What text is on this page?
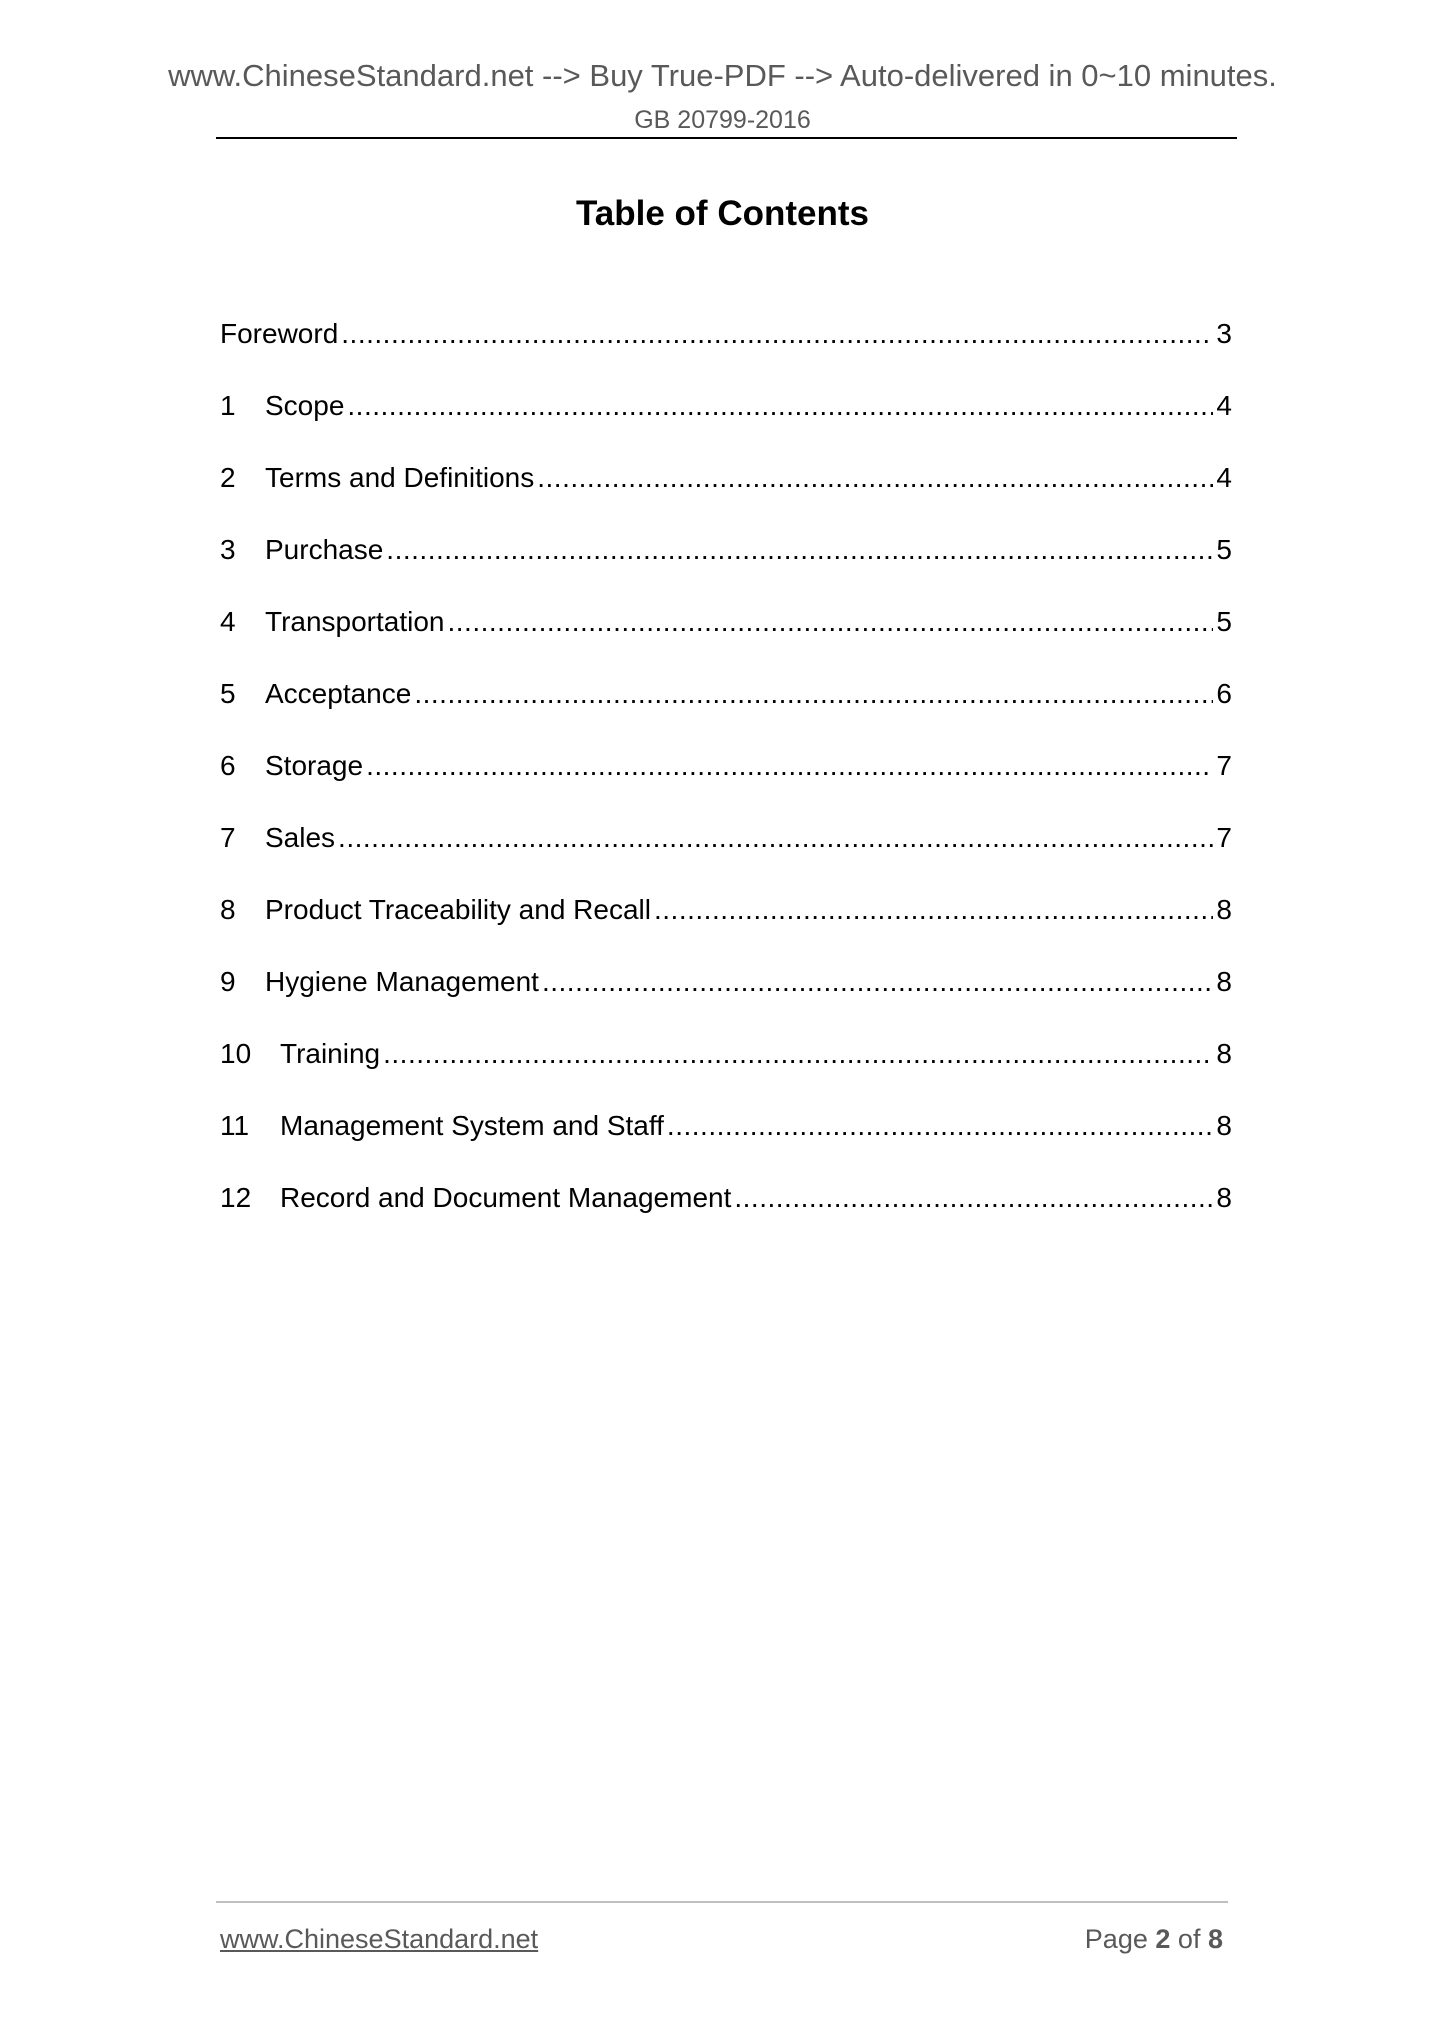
www.ChineseStandard.net --> Buy True-PDF --> Auto-delivered in 0~10 minutes.
GB 20799-2016
Table of Contents
Foreword .....	3
1	Scope .....	4
2	Terms and Definitions .....	4
3	Purchase .....	5
4	Transportation .....	5
5	Acceptance .....	6
6	Storage .....	7
7	Sales .....	7
8	Product Traceability and Recall .....	8
9	Hygiene Management .....	8
10	Training .....	8
11	Management System and Staff .....	8
12	Record and Document Management .....	8
www.ChineseStandard.net	Page 2 of 8
